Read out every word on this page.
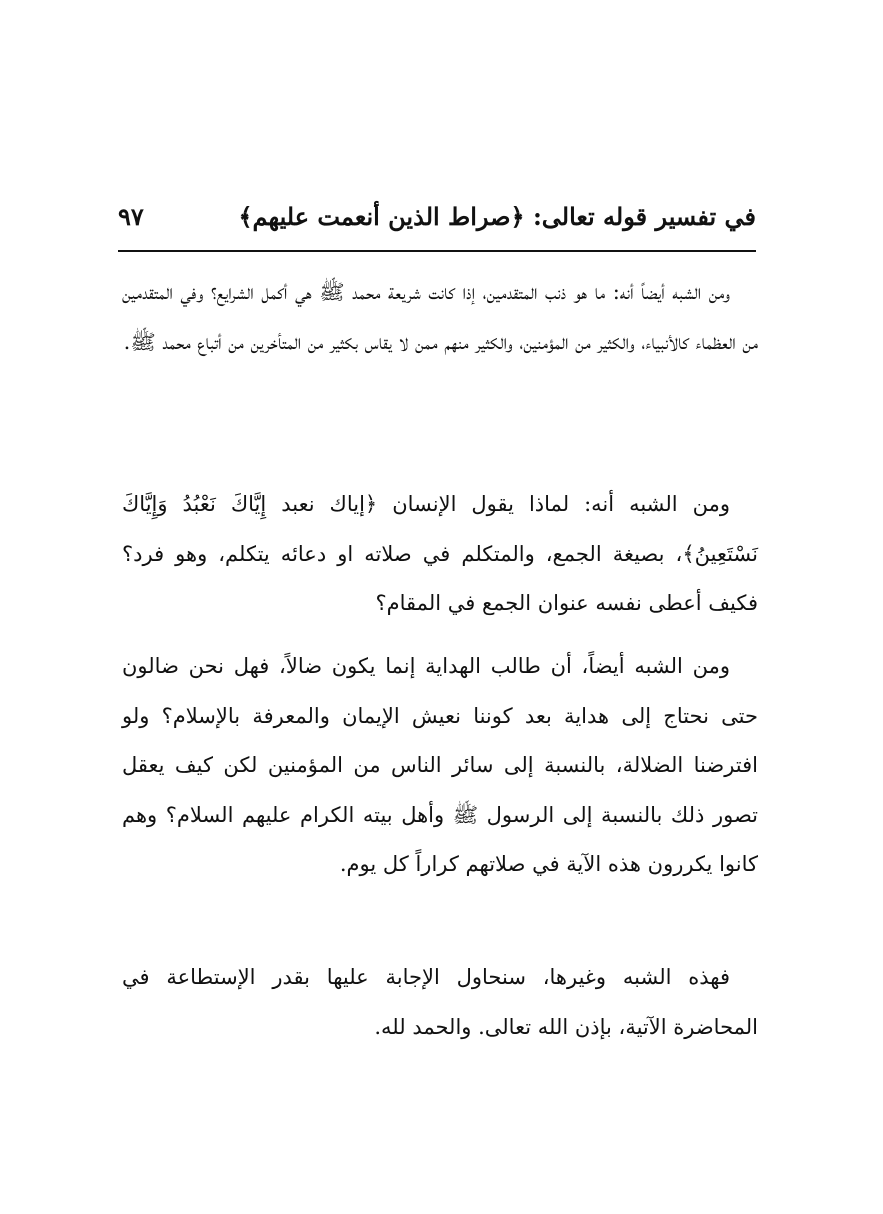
في تفسير قوله تعالى: ﴿صراط الذين أنعمت عليهم﴾
٩٧

ومن الشبه أيضاً أنه: ما هو ذنب المتقدمين، إذا كانت شريعة محمد ﷺ هي أكمل الشرايع؟ وفي المتقدمين من العظماء كالأنبياء، والكثير من المؤمنين، والكثير منهم ممن لا يقاس بكثير من المتأخرين من أتباع محمد ﷺ.

ومن الشبه أنه: لماذا يقول الإنسان ﴿إياك نعبد إِيَّاكَ نَعْبُدُ وَإِيَّاكَ نَسْتَعِينُ﴾، بصيغة الجمع، والمتكلم في صلاته او دعائه يتكلم، وهو فرد؟ فكيف أعطى نفسه عنوان الجمع في المقام؟

ومن الشبه أيضاً، أن طالب الهداية إنما يكون ضالاً، فهل نحن ضالون حتى نحتاج إلى هداية بعد كوننا نعيش الإيمان والمعرفة بالإسلام؟ ولو افترضنا الضلالة، بالنسبة إلى سائر الناس من المؤمنين لكن كيف يعقل تصور ذلك بالنسبة إلى الرسول ﷺ وأهل بيته الكرام عليهم السلام؟ وهم كانوا يكررون هذه الآية في صلاتهم كراراً كل يوم.

فهذه الشبه وغيرها، سنحاول الإجابة عليها بقدر الإستطاعة في المحاضرة الآتية، بإذن الله تعالى. والحمد لله.
